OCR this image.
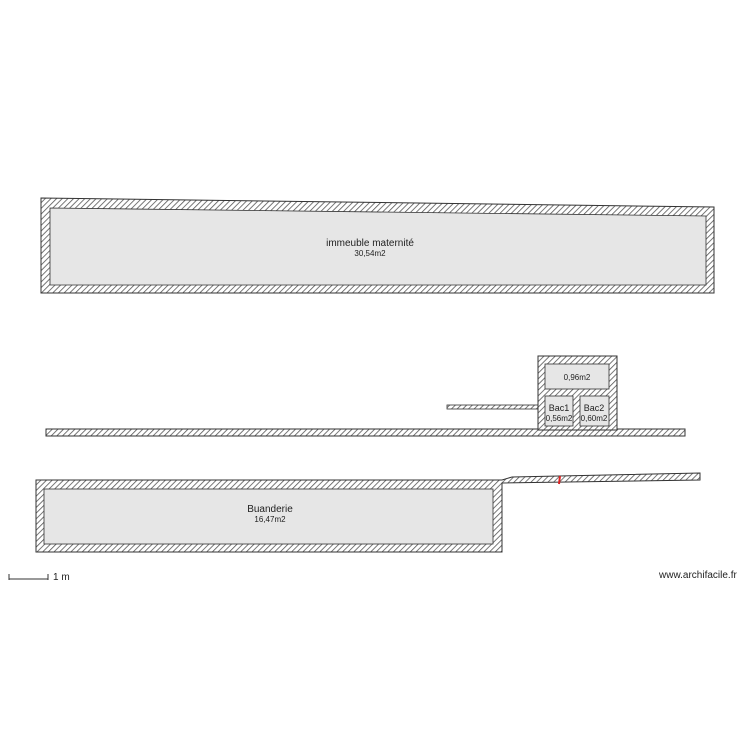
immeuble maternité
30,54m2
0,96m2
Bac1
0,56m2
Bac2
0,60m2
Buanderie
16,47m2
1 m	www.archifacile.fr
